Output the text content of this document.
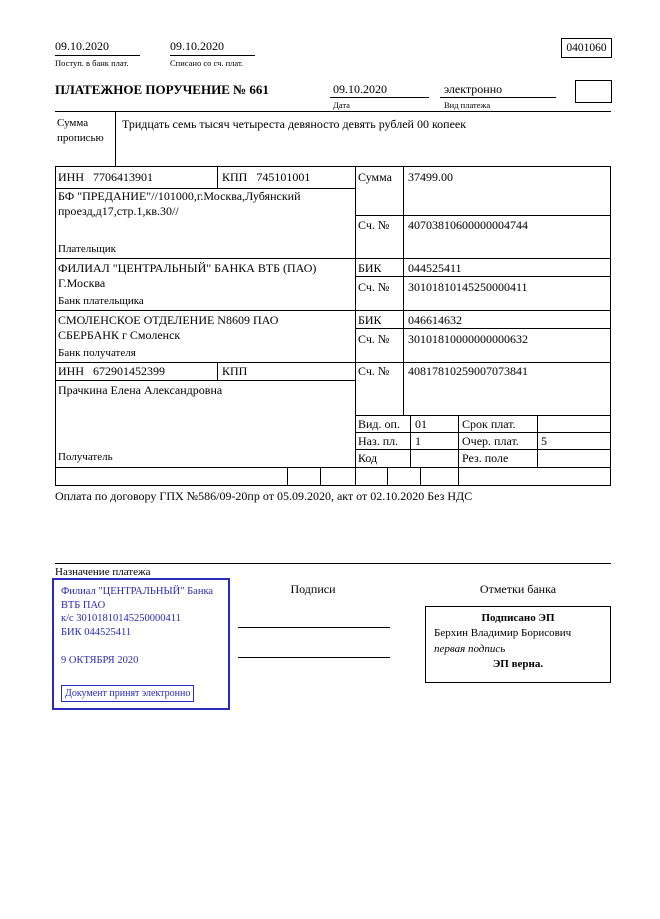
09.10.2020
Поступ. в банк плат.
09.10.2020
Списано со сч. плат.
0401060
ПЛАТЕЖНОЕ ПОРУЧЕНИЕ № 661	09.10.2020
Дата
электронно
Вид платежа
Сумма прописью
Тридцать семь тысяч четыреста девяносто девять рублей 00 копеек
ИНН 7706413901	КПП 745101001	Сумма 37499.00
БФ "ПРЕДАНИЕ"//101000,г.Москва,Лубянский
проезд,д17,стр.1,кв.30//
Сч. № 40703810600000004744
Плательщик
ФИЛИАЛ "ЦЕНТРАЛЬНЫЙ" БАНКА ВТБ (ПАО)
Г.Москва
БИК 044525411
Сч. № 30101810145250000411
Банк плательщика
СМОЛЕНСКОЕ ОТДЕЛЕНИЕ N8609 ПАО
СБЕРБАНК г Смоленск
БИК 046614632
Сч. № 30101810000000000632
Банк получателя
ИНН 672901452399	КПП	Сч. № 40817810259007073841
Прачкина Елена Александровна
Вид. оп. 01	Срок плат.
Наз. пл. 1	Очер. плат. 5
Код	Рез. поле
Получатель
Оплата по договору ГПХ №586/09-20пр от 05.09.2020, акт от 02.10.2020 Без НДС
Назначение платежа
Филиал "ЦЕНТРАЛЬНЫЙ" Банка
ВТБ ПАО
к/с 30101810145250000411
БИК 044525411
9 ОКТЯБРЯ 2020
Документ принят электронно
Подписи	Отметки банка
Подписано ЭП
Берхин Владимир Борисович
первая подпись
ЭП верна.
